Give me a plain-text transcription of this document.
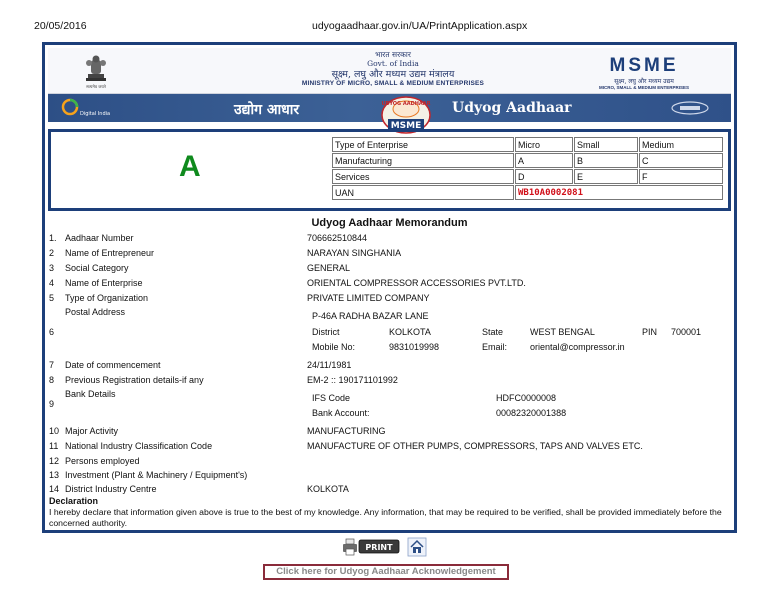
20/05/2016	udyogaadhaar.gov.in/UA/PrintApplication.aspx
सत्यमेव जयते
भारत सरकार
Govt. of India
सूक्ष्म, लघु और मध्यम उद्यम मंत्रालय
MINISTRY OF MICRO, SMALL & MEDIUM ENTERPRISES
MSME
सूक्ष्म, लघु और मध्यम उद्यम
MICRO, SMALL & MEDIUM ENTERPRISES
Digital India	उद्योग आधार	UDYOG AADHAAR
MSME
Udyog Aadhaar
A
Type of Enterprise	Micro	Small	Medium
Manufacturing	A	B	C
Services	D	E	F
UAN	WB10A0002081		
Udyog Aadhaar Memorandum
1. Aadhaar Number	706662510844
2 Name of Entrepreneur	NARAYAN SINGHANIA
3 Social Category	GENERAL
4 Name of Enterprise	ORIENTAL COMPRESSOR ACCESSORIES PVT.LTD.
5 Type of Organization	PRIVATE LIMITED COMPANY
Postal Address	P-46A RADHA BAZAR LANE
6	District	KOLKOTA	State	WEST BENGAL	PIN 700001
Mobile No:	9831019998	Email:	oriental@compressor.in
7 Date of commencement	24/11/1981
8 Previous Registration details-if any	EM-2 :: 190171101992
Bank Details
9
IFS Code	HDFC0000008
Bank Account:	00082320001388
10 Major Activity	MANUFACTURING
11 National Industry Classification Code	MANUFACTURE OF OTHER PUMPS, COMPRESSORS, TAPS AND VALVES ETC.
12 Persons employed
13 Investment (Plant & Machinery / Equipment's)
14 District Industry Centre	KOLKOTA
Declaration
I hereby declare that information given above is true to the best of my knowledge. Any information, that may be required to be verified, shall be provided immediately before the concerned authority.
PRINT
Click here for Udyog Aadhaar Acknowledgement
